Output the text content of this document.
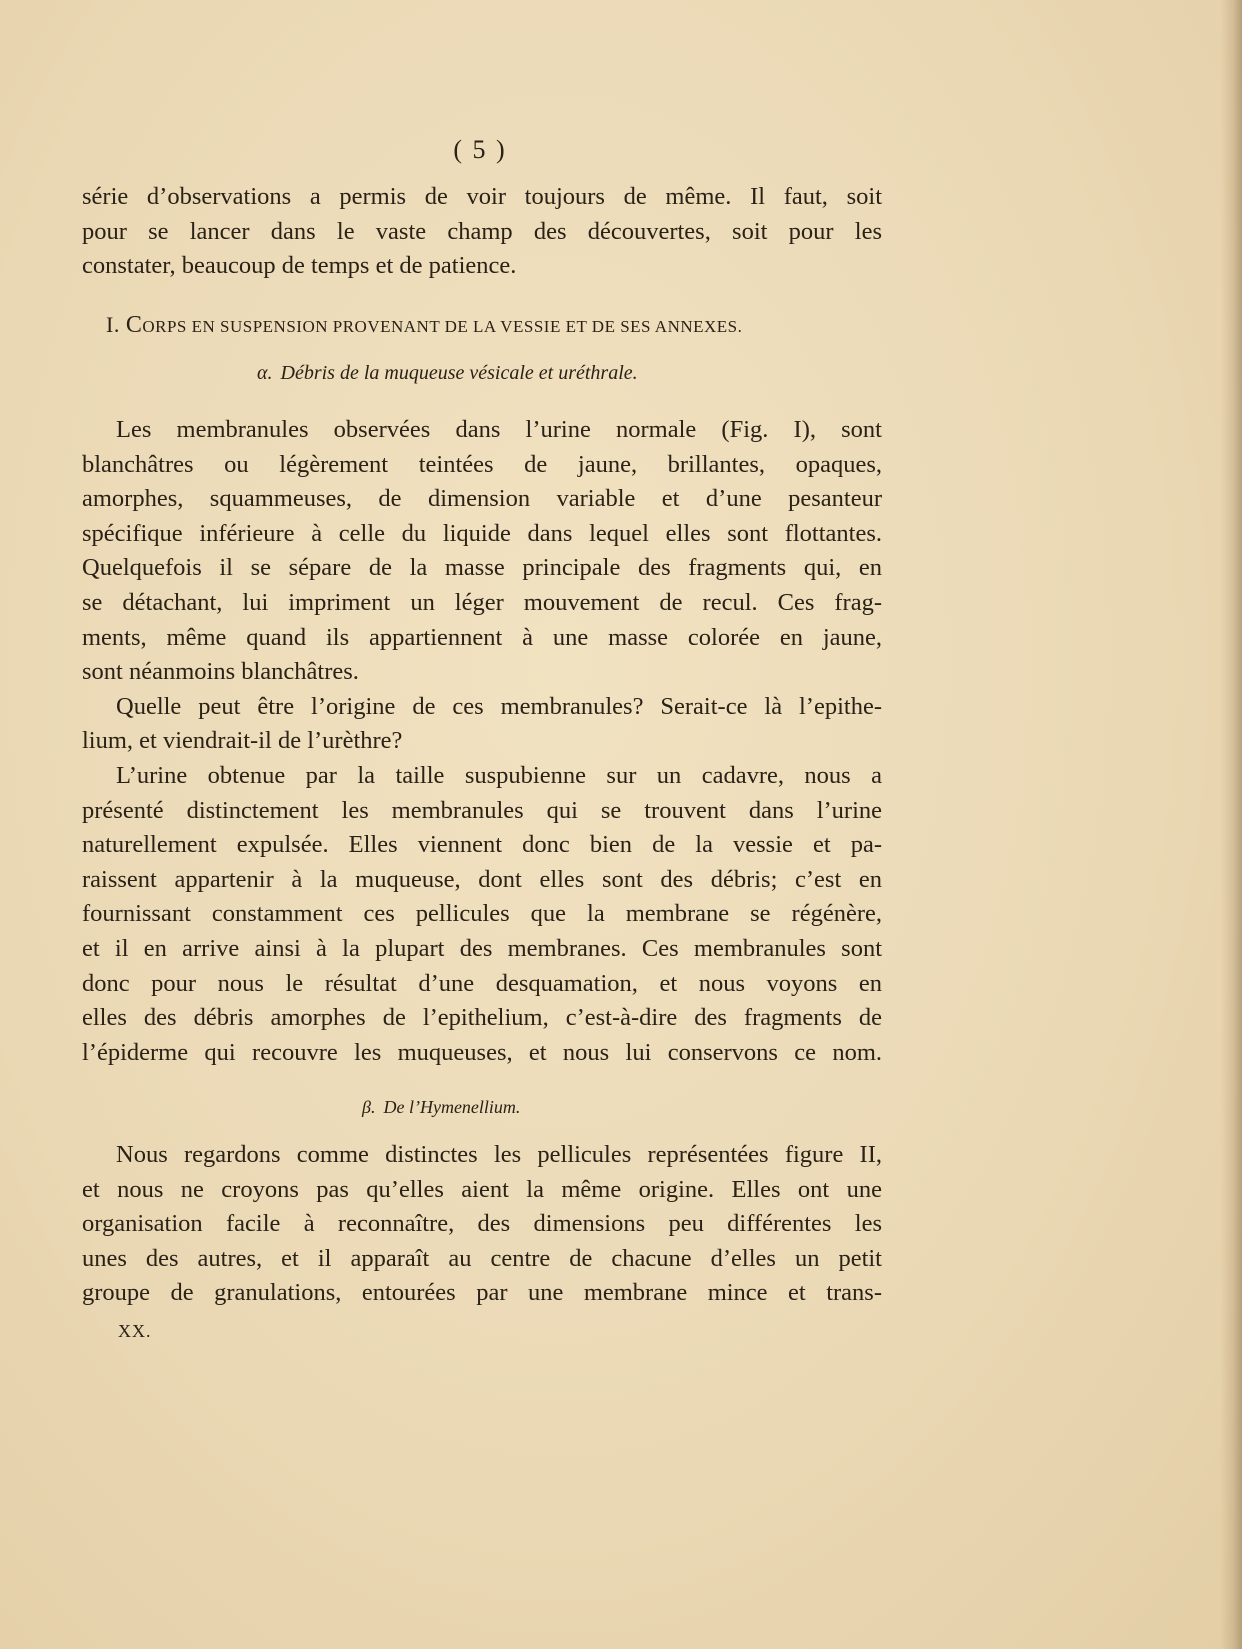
( 5 )
série d’observations a permis de voir toujours de même. Il faut, soit
pour se lancer dans le vaste champ des découvertes, soit pour les
constater, beaucoup de temps et de patience.
I. CORPS EN SUSPENSION PROVENANT DE LA VESSIE ET DE SES ANNEXES.
α. Débris de la muqueuse vésicale et uréthrale.
Les membranules observées dans l’urine normale (Fig. I), sont
blanchâtres ou légèrement teintées de jaune, brillantes, opaques,
amorphes, squammeuses, de dimension variable et d’une pesanteur
spécifique inférieure à celle du liquide dans lequel elles sont flottantes.
Quelquefois il se sépare de la masse principale des fragments qui, en
se détachant, lui impriment un léger mouvement de recul. Ces frag-
ments, même quand ils appartiennent à une masse colorée en jaune,
sont néanmoins blanchâtres.
Quelle peut être l’origine de ces membranules? Serait-ce là l’epithe-
lium, et viendrait-il de l’urèthre?
L’urine obtenue par la taille suspubienne sur un cadavre, nous a
présenté distinctement les membranules qui se trouvent dans l’urine
naturellement expulsée. Elles viennent donc bien de la vessie et pa-
raissent appartenir à la muqueuse, dont elles sont des débris; c’est en
fournissant constamment ces pellicules que la membrane se régénère,
et il en arrive ainsi à la plupart des membranes. Ces membranules sont
donc pour nous le résultat d’une desquamation, et nous voyons en
elles des débris amorphes de l’epithelium, c’est-à-dire des fragments de
l’épiderme qui recouvre les muqueuses, et nous lui conservons ce nom.
β. De l’Hymenellium.
Nous regardons comme distinctes les pellicules représentées figure II,
et nous ne croyons pas qu’elles aient la même origine. Elles ont une
organisation facile à reconnaître, des dimensions peu différentes les
unes des autres, et il apparaît au centre de chacune d’elles un petit
groupe de granulations, entourées par une membrane mince et trans-
XX.
